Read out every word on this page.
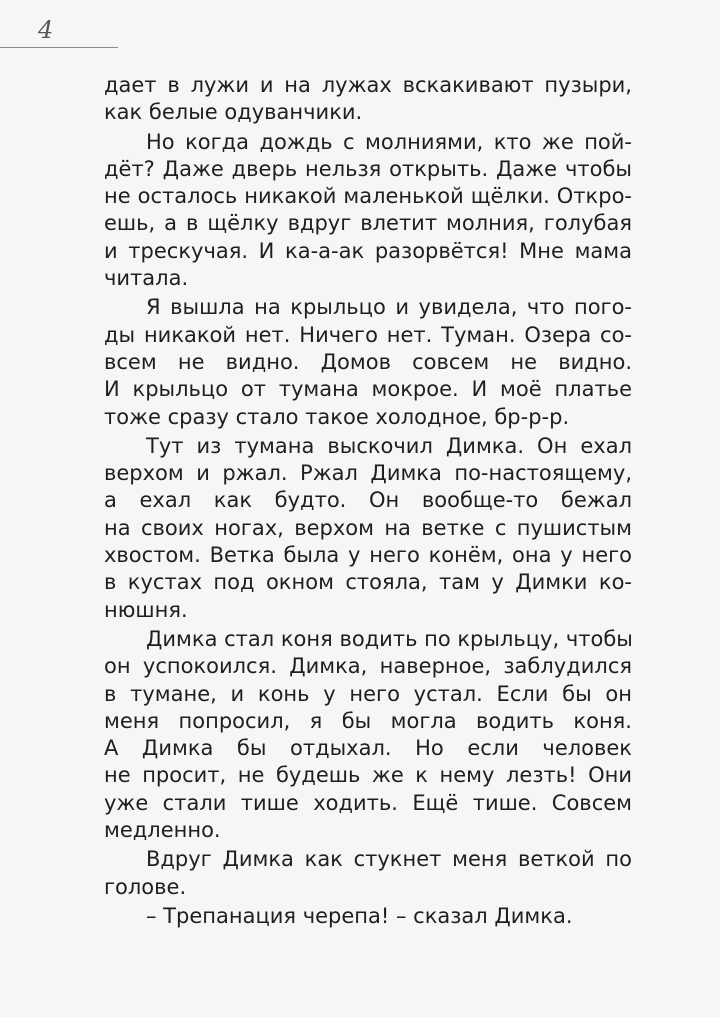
4

дает в лужи и на лужах вскакивают пузыри,
как белые одуванчики.

Но когда дождь с молниями, кто же пой-
дёт? Даже дверь нельзя открыть. Даже чтобы
не осталось никакой маленькой щёлки. Откро-
ешь, а в щёлку вдруг влетит молния, голубая
и трескучая. И ка-а-ак разорвётся! Мне мама
читала.

Я вышла на крыльцо и увидела, что пого-
ды никакой нет. Ничего нет. Туман. Озера со-
всем не видно. Домов совсем не видно.
И крыльцо от тумана мокрое. И моё платье
тоже сразу стало такое холодное, бр-р-р.

Тут из тумана выскочил Димка. Он ехал
верхом и ржал. Ржал Димка по-настоящему,
а ехал как будто. Он вообще-то бежал
на своих ногах, верхом на ветке с пушистым
хвостом. Ветка была у него конём, она у него
в кустах под окном стояла, там у Димки ко-
нюшня.

Димка стал коня водить по крыльцу, чтобы
он успокоился. Димка, наверное, заблудился
в тумане, и конь у него устал. Если бы он
меня попросил, я бы могла водить коня.
А Димка бы отдыхал. Но если человек
не просит, не будешь же к нему лезть! Они
уже стали тише ходить. Ещё тише. Совсем
медленно.

Вдруг Димка как стукнет меня веткой по
голове.

– Трепанация черепа! – сказал Димка.
